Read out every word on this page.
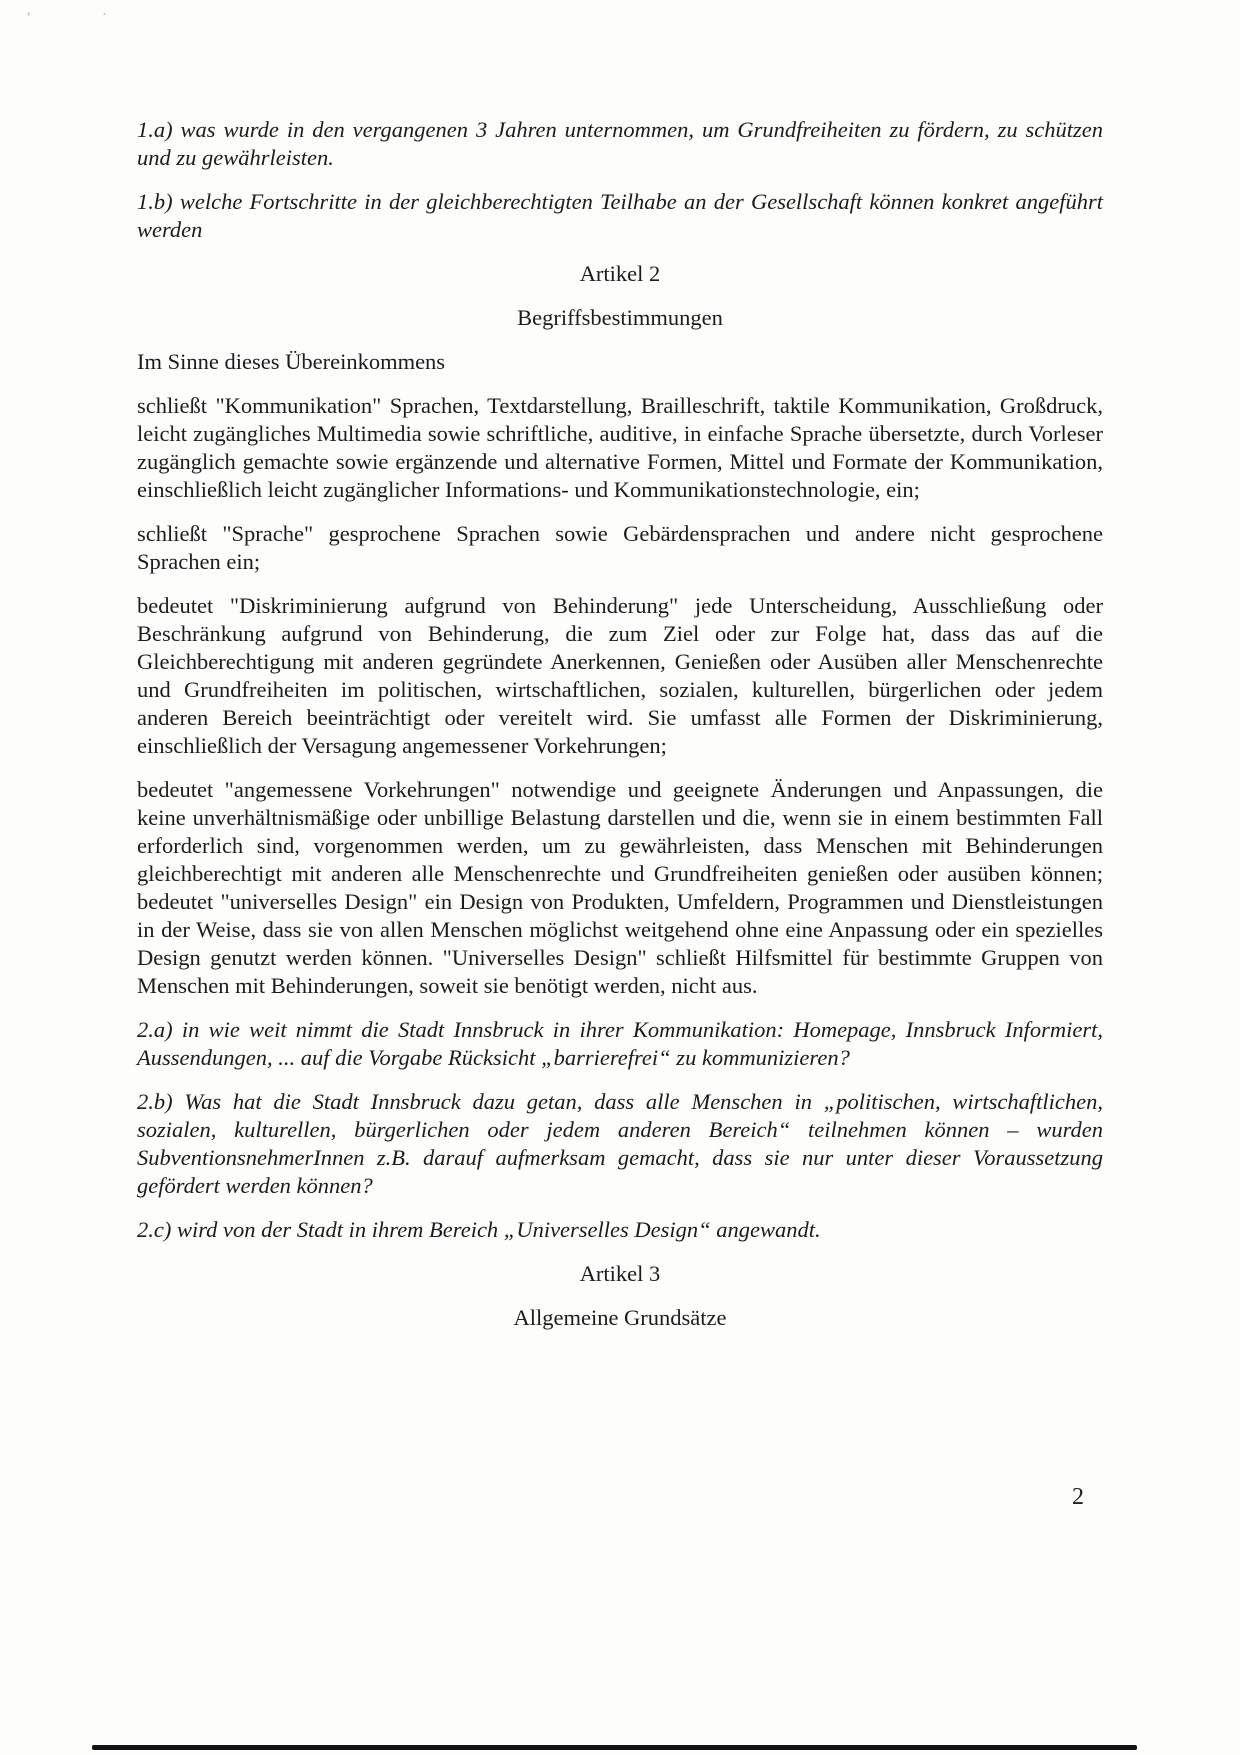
‚	·

1.a) was wurde in den vergangenen 3 Jahren unternommen, um Grundfreiheiten zu fördern, zu schützen und zu gewährleisten.

1.b) welche Fortschritte in der gleichberechtigten Teilhabe an der Gesellschaft können konkret angeführt werden

Artikel 2

Begriffsbestimmungen

Im Sinne dieses Übereinkommens

schließt "Kommunikation" Sprachen, Textdarstellung, Brailleschrift, taktile Kommunikation, Großdruck, leicht zugängliches Multimedia sowie schriftliche, auditive, in einfache Sprache übersetzte, durch Vorleser zugänglich gemachte sowie ergänzende und alternative Formen, Mittel und Formate der Kommunikation, einschließlich leicht zugänglicher Informations- und Kommunikationstechnologie, ein;

schließt "Sprache" gesprochene Sprachen sowie Gebärdensprachen und andere nicht gesprochene Sprachen ein;

bedeutet "Diskriminierung aufgrund von Behinderung" jede Unterscheidung, Ausschließung oder Beschränkung aufgrund von Behinderung, die zum Ziel oder zur Folge hat, dass das auf die Gleichberechtigung mit anderen gegründete Anerkennen, Genießen oder Ausüben aller Menschenrechte und Grundfreiheiten im politischen, wirtschaftlichen, sozialen, kulturellen, bürgerlichen oder jedem anderen Bereich beeinträchtigt oder vereitelt wird. Sie umfasst alle Formen der Diskriminierung, einschließlich der Versagung angemessener Vorkehrungen;

bedeutet "angemessene Vorkehrungen" notwendige und geeignete Änderungen und Anpassungen, die keine unverhältnismäßige oder unbillige Belastung darstellen und die, wenn sie in einem bestimmten Fall erforderlich sind, vorgenommen werden, um zu gewährleisten, dass Menschen mit Behinderungen gleichberechtigt mit anderen alle Menschenrechte und Grundfreiheiten genießen oder ausüben können; bedeutet "universelles Design" ein Design von Produkten, Umfeldern, Programmen und Dienstleistungen in der Weise, dass sie von allen Menschen möglichst weitgehend ohne eine Anpassung oder ein spezielles Design genutzt werden können. "Universelles Design" schließt Hilfsmittel für bestimmte Gruppen von Menschen mit Behinderungen, soweit sie benötigt werden, nicht aus.

2.a) in wie weit nimmt die Stadt Innsbruck in ihrer Kommunikation: Homepage, Innsbruck Informiert, Aussendungen, ... auf die Vorgabe Rücksicht „barrierefrei“ zu kommunizieren?

2.b) Was hat die Stadt Innsbruck dazu getan, dass alle Menschen in „politischen, wirtschaftlichen, sozialen, kulturellen, bürgerlichen oder jedem anderen Bereich“ teilnehmen können – wurden SubventionsnehmerInnen z.B. darauf aufmerksam gemacht, dass sie nur unter dieser Voraussetzung gefördert werden können?

2.c) wird von der Stadt in ihrem Bereich „Universelles Design“ angewandt.

Artikel 3

Allgemeine Grundsätze

2
